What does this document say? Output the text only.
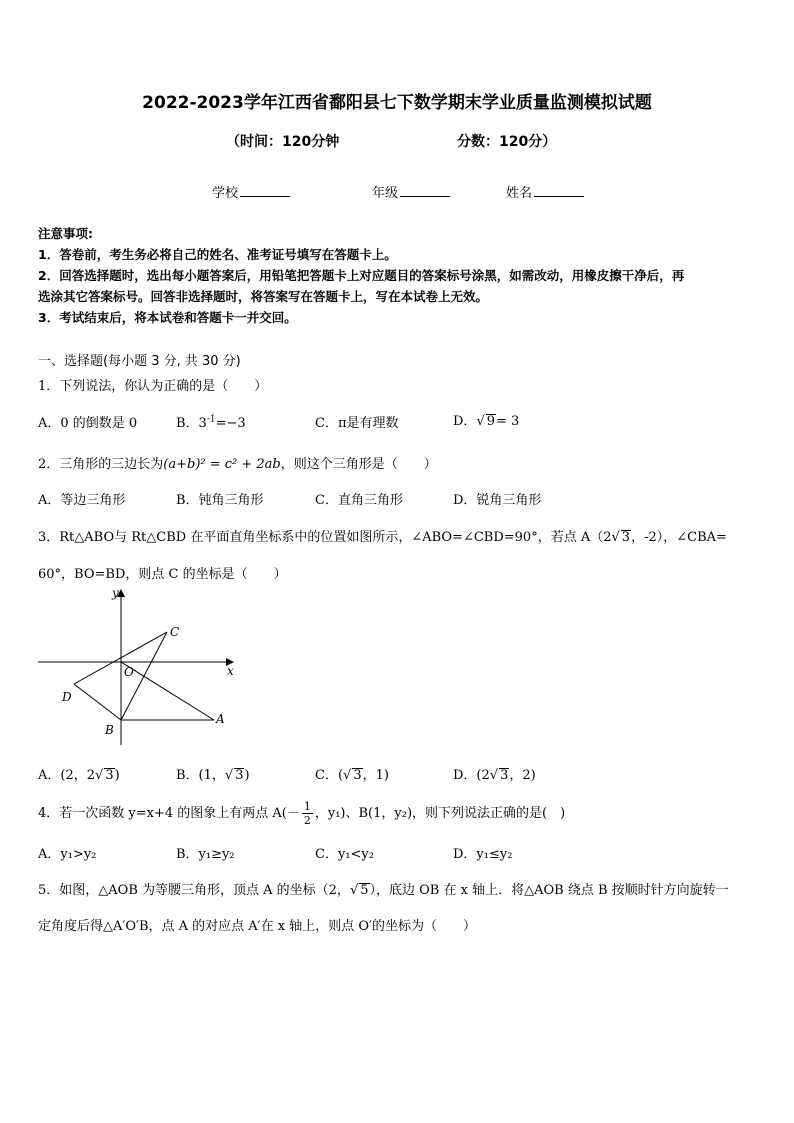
2022-2023学年江西省鄱阳县七下数学期末学业质量监测模拟试题
（时间：120分钟	分数：120分）
学校	年级	姓名
注意事项:
1．答卷前，考生务必将自己的姓名、准考证号填写在答题卡上。
2．回答选择题时，选出每小题答案后，用铅笔把答题卡上对应题目的答案标号涂黑，如需改动，用橡皮擦干净后，再
选涂其它答案标号。回答非选择题时，将答案写在答题卡上，写在本试卷上无效。
3．考试结束后，将本试卷和答题卡一并交回。
一、选择题(每小题 3 分, 共 30 分)
1．下列说法，你认为正确的是（　　）
A．0 的倒数是 0	B．$3^{-1}=-3$	C．π是有理数	D．√ 9= 3
2．三角形的三边长为(a+b)² = c² + 2ab，则这个三角形是（　　）
A．等边三角形	B．钝角三角形	C．直角三角形	D．锐角三角形
3．Rt△ABO与 Rt△CBD 在平面直角坐标系中的位置如图所示，∠ABO=∠CBD=90°，若点 A（2√ 3，-2），∠CBA=
60°，BO=BD，则点 C 的坐标是（　　）
y
x
C
O
D
B
A
A．(2，2√ 3)	B．(1，√ 3)	C．(√ 3，1)	D．(2√ 3，2)
4．若一次函数 y=x+4 的图象上有两点 $A(- \frac{1}{2}$ ，y₁)、B(1，y₂)，则下列说法正确的是(　)
A．y₁>y₂	B．y₁≥y₂	C．y₁<y₂	D．y₁≤y₂
5．如图，△AOB 为等腰三角形，顶点 A 的坐标（2，√ 5），底边 OB 在 x 轴上．将△AOB 绕点 B 按顺时针方向旋转一
定角度后得△A′O′B，点 A 的对应点 A′在 x 轴上，则点 O′的坐标为（　　）
